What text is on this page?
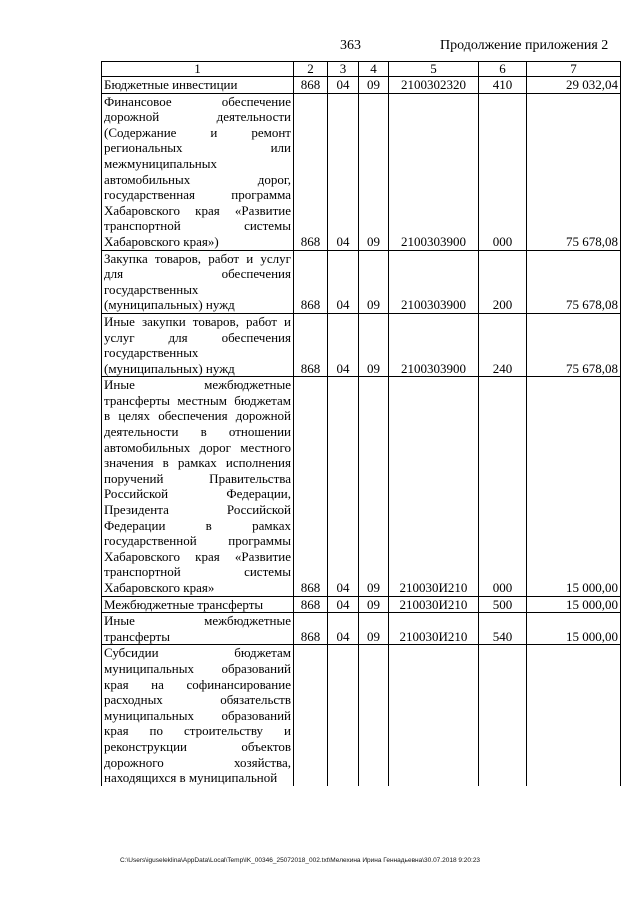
363	Продолжение приложения 2
1	2	3	4	5	6	7
Бюджетные инвестиции	868	04	09	2100302320	410	29 032,04
Финансовое обеспечение дорожной деятельности (Содержание и ремонт региональных или межмуниципальных автомобильных дорог, государственная программа Хабаровского края «Развитие транспортной системы Хабаровского края»)	868	04	09	2100303900	000	75 678,08
Закупка товаров, работ и услуг для обеспечения государственных (муниципальных) нужд	868	04	09	2100303900	200	75 678,08
Иные закупки товаров, работ и услуг для обеспечения государственных (муниципальных) нужд	868	04	09	2100303900	240	75 678,08
Иные межбюджетные трансферты местным бюджетам в целях обеспечения дорожной деятельности в отношении автомобильных дорог местного значения в рамках исполнения поручений Правительства Российской Федерации, Президента Российской Федерации в рамках государственной программы Хабаровского края «Развитие транспортной системы Хабаровского края»	868	04	09	210030И210	000	15 000,00
Межбюджетные трансферты	868	04	09	210030И210	500	15 000,00
Иные межбюджетные трансферты	868	04	09	210030И210	540	15 000,00
Субсидии бюджетам муниципальных образований края на софинансирование расходных обязательств муниципальных образований края по строительству и реконструкции объектов дорожного хозяйства, находящихся в муниципальной						
C:\Users\iguseleklina\AppData\Local\Temp\IK_00346_25072018_002.txt\Мелехина Ирина Геннадьевна\30.07.2018 9:20:23
